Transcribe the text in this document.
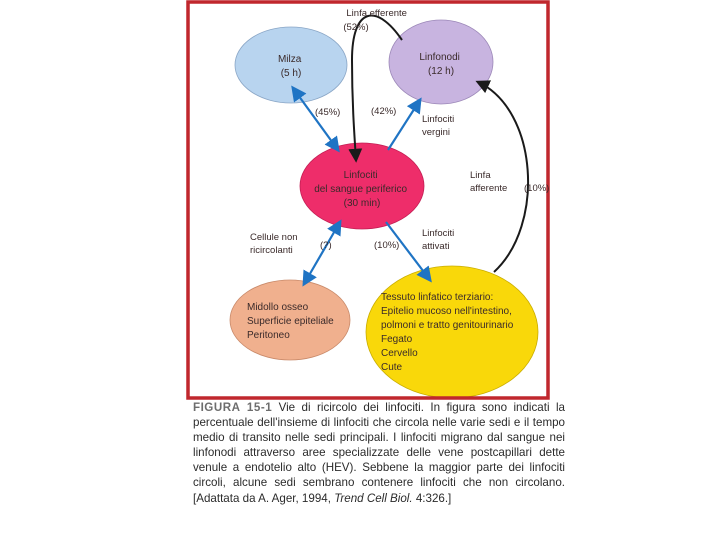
Milza (5 h)
Linfonodi (12 h)
Linfociti del sangue periferico (30 min)
Midollo osseo Superficie epiteliale Peritoneo
Tessuto linfatico terziario: Epitelio mucoso nell'intestino, polmoni e tratto genitourinario Fegato Cervello Cute
Linfa efferente (52%)
(45%)	(42%)
Linfociti vergini
Linfa afferente (10%)
Cellule non ricircolanti	(?)	(10%)
Linfociti attivati
FIGURA 15-1 Vie di ricircolo dei linfociti. In figura sono indicati la percentuale dell'insieme di linfociti che circola nelle varie sedi e il tempo medio di transito nelle sedi principali. I linfociti migrano dal sangue nei linfonodi attraverso aree specializzate delle vene postcapillari dette venule a endotelio alto (HEV). Sebbene la maggior parte dei linfociti circoli, alcune sedi sembrano contenere linfociti che non circolano. [Adattata da A. Ager, 1994, Trend Cell Biol. 4:326.]
